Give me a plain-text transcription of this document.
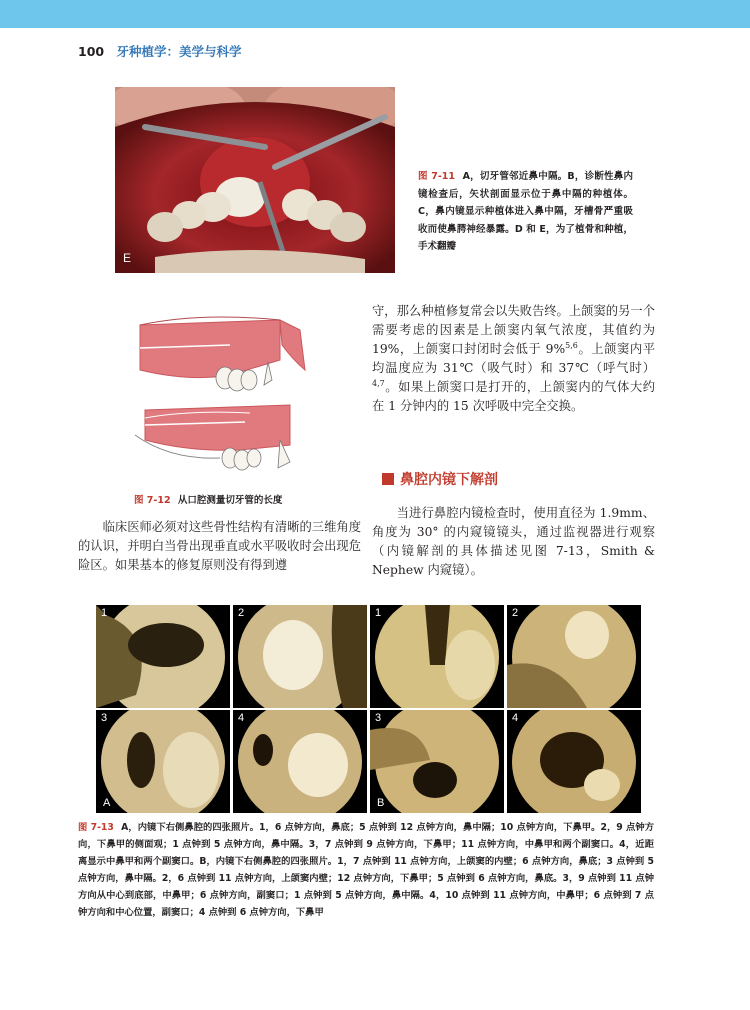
100 牙种植学：美学与科学
E
图 7-11 A，切牙管邻近鼻中隔。B，诊断性鼻内镜检查后，矢状剖面显示位于鼻中隔的种植体。C，鼻内镜显示种植体进入鼻中隔，牙槽骨严重吸收而使鼻腭神经暴露。D 和 E，为了植骨和种植，手术翻瓣
图 7-12 从口腔测量切牙管的长度
临床医师必须对这些骨性结构有清晰的三维角度的认识，并明白当骨出现垂直或水平吸收时会出现危险区。如果基本的修复原则没有得到遵
守，那么种植修复常会以失败告终。上颌窦的另一个需要考虑的因素是上颌窦内氧气浓度，其值约为 19%，上颌窦口封闭时会低于 9%$^{5,6}$。上颌窦内平均温度应为 31℃（吸气时）和 37℃（呼气时）$^{4,7}$。如果上颌窦口是打开的，上颌窦内的气体大约在 1 分钟内的 15 次呼吸中完全交换。
鼻腔内镜下解剖
当进行鼻腔内镜检查时，使用直径为 1.9mm、角度为 30° 的内窥镜镜头，通过监视器进行观察（内镜解剖的具体描述见图 7-13，Smith & Nephew 内窥镜）。
1	2	1	2
3
A
4	3
B
4
图 7-13 A，内镜下右侧鼻腔的四张照片。1，6 点钟方向，鼻底；5 点钟到 12 点钟方向，鼻中隔；10 点钟方向，下鼻甲。2，9 点钟方向，下鼻甲的侧面观；1 点钟到 5 点钟方向，鼻中隔。3，7 点钟到 9 点钟方向，下鼻甲；11 点钟方向，中鼻甲和两个副窦口。4，近距离显示中鼻甲和两个副窦口。B，内镜下右侧鼻腔的四张照片。1，7 点钟到 11 点钟方向，上颌窦的内壁；6 点钟方向，鼻底；3 点钟到 5 点钟方向，鼻中隔。2，6 点钟到 11 点钟方向，上颌窦内壁；12 点钟方向，下鼻甲；5 点钟到 6 点钟方向，鼻底。3，9 点钟到 11 点钟方向从中心到底部，中鼻甲；6 点钟方向，副窦口；1 点钟到 5 点钟方向，鼻中隔。4，10 点钟到 11 点钟方向，中鼻甲；6 点钟到 7 点钟方向和中心位置，副窦口；4 点钟到 6 点钟方向，下鼻甲
